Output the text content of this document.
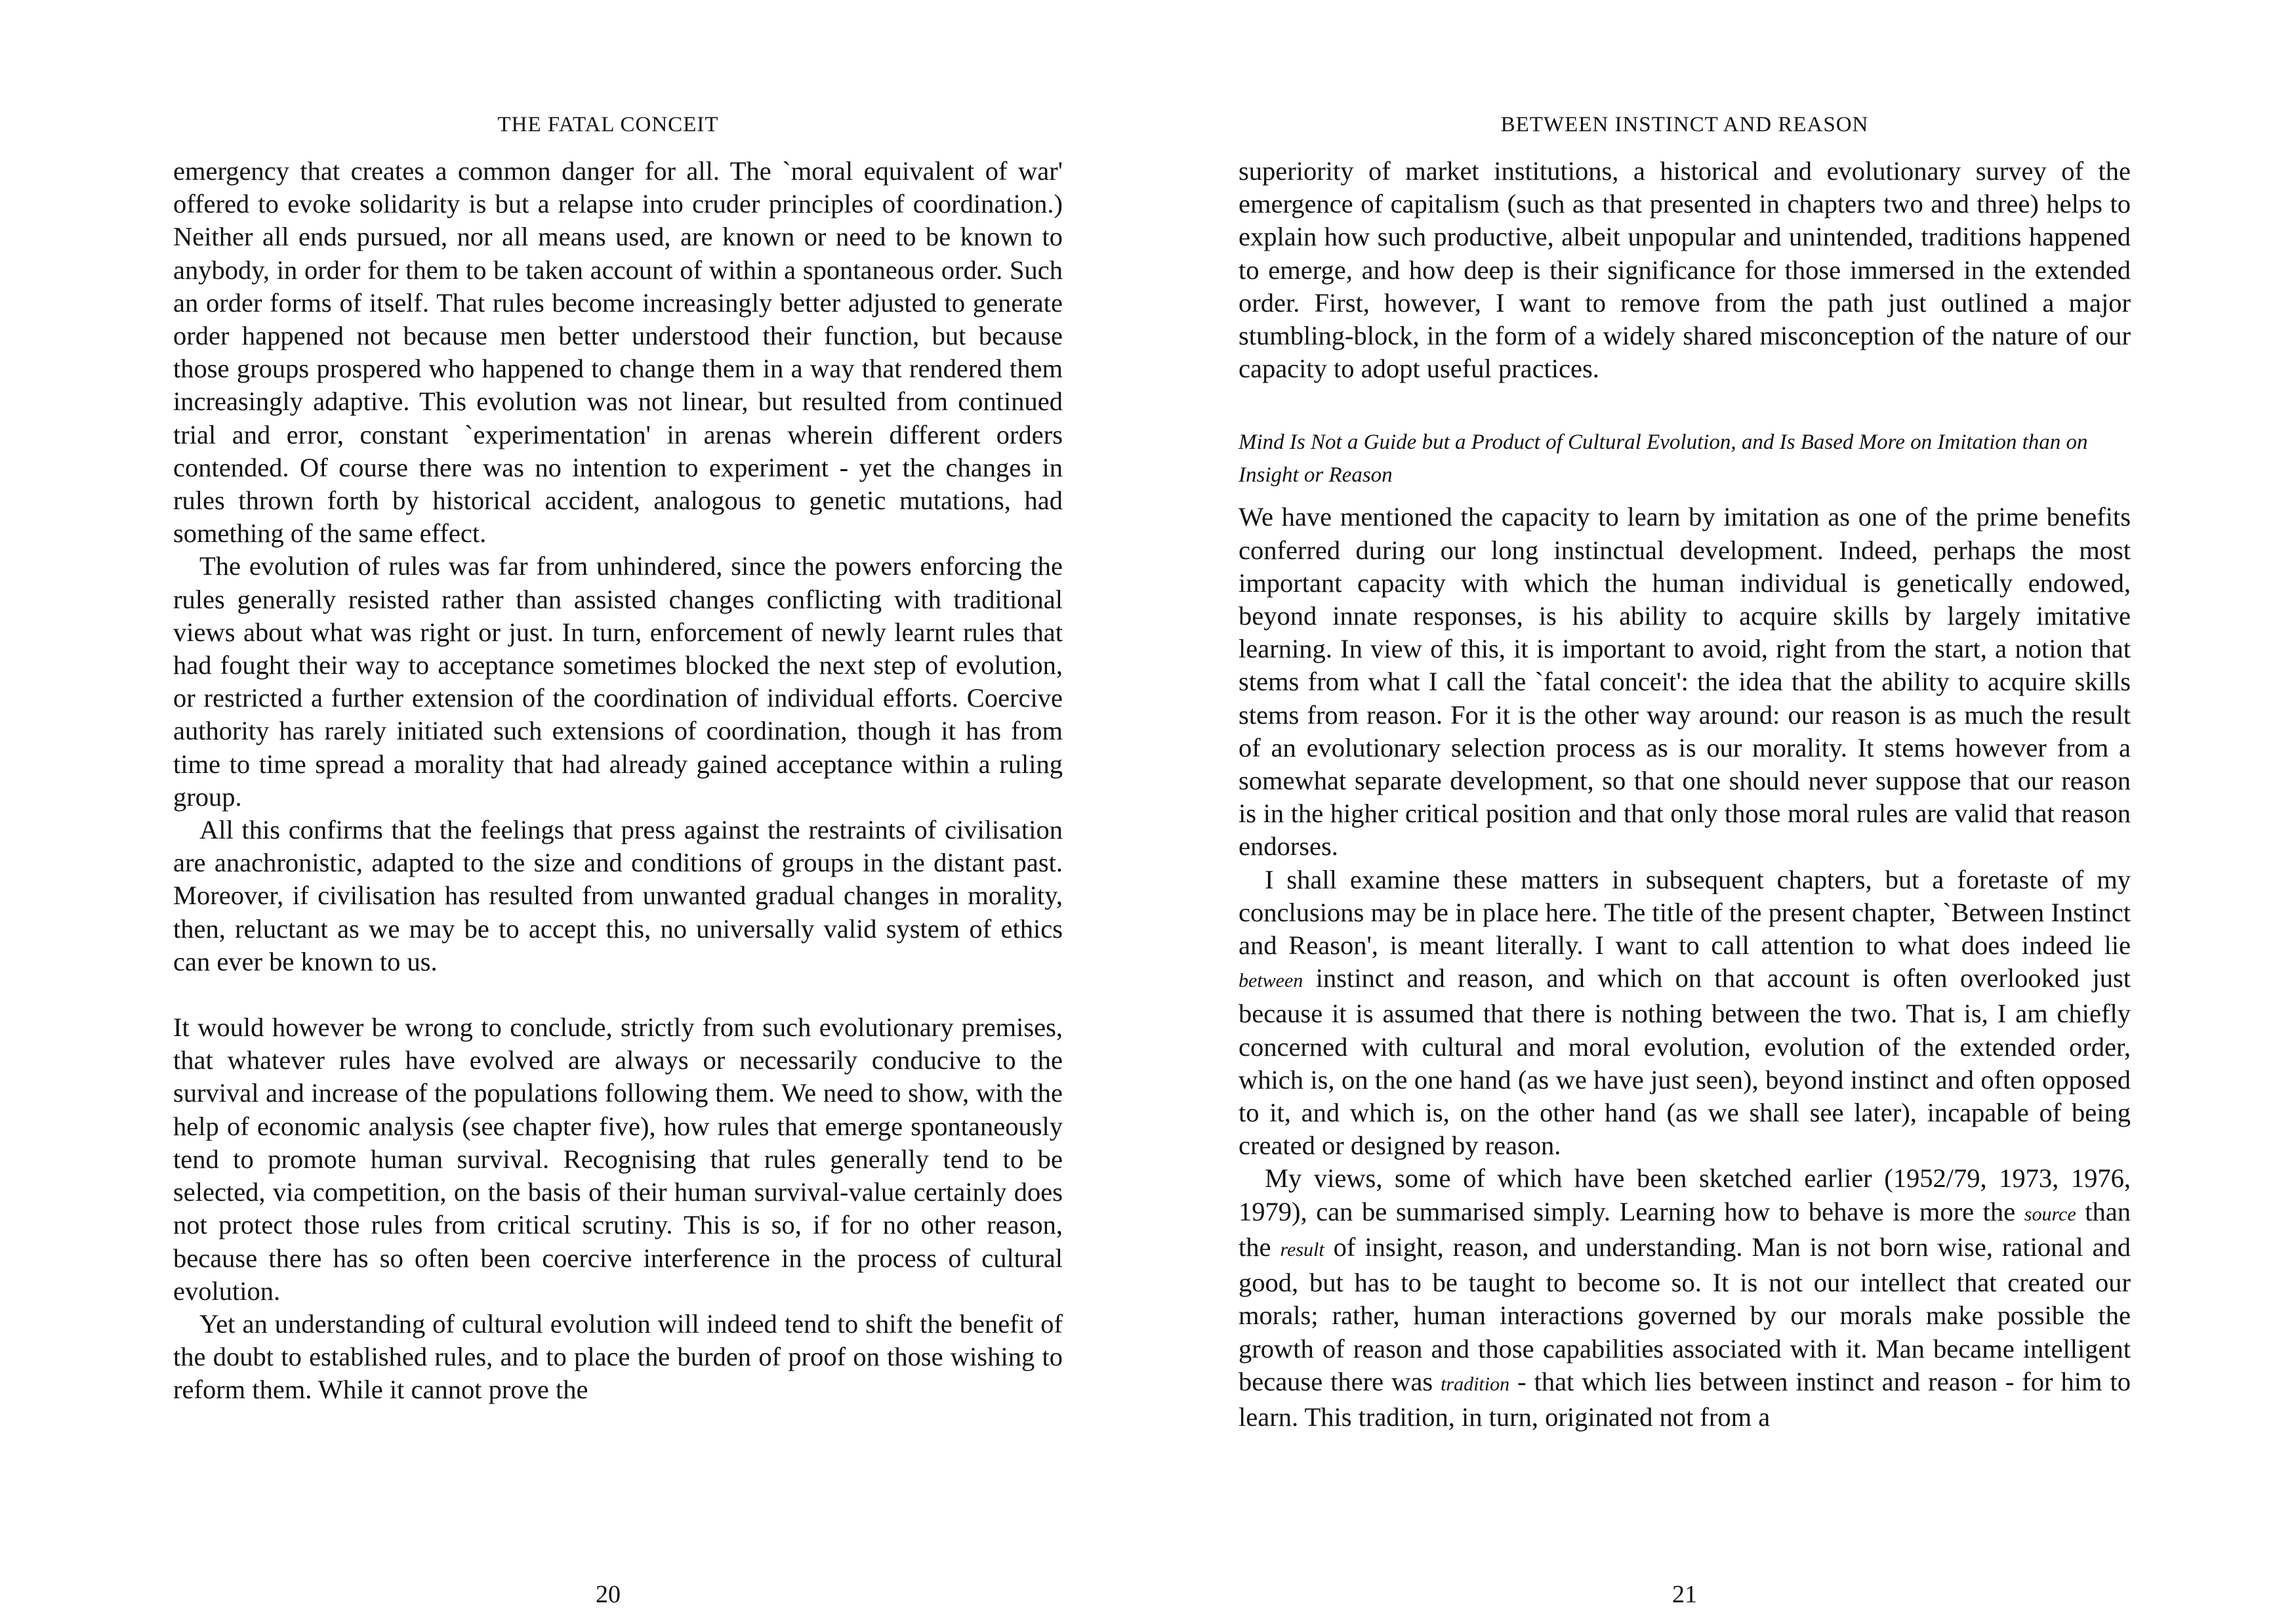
THE FATAL CONCEIT

emergency that creates a common danger for all. The `moral equivalent of war' offered to evoke solidarity is but a relapse into cruder principles of coordination.) Neither all ends pursued, nor all means used, are known or need to be known to anybody, in order for them to be taken account of within a spontaneous order. Such an order forms of itself. That rules become increasingly better adjusted to generate order happened not because men better understood their function, but because those groups prospered who happened to change them in a way that rendered them increasingly adaptive. This evolution was not linear, but resulted from continued trial and error, constant `experimentation' in arenas wherein different orders contended. Of course there was no intention to experiment - yet the changes in rules thrown forth by historical accident, analogous to genetic mutations, had something of the same effect.

The evolution of rules was far from unhindered, since the powers enforcing the rules generally resisted rather than assisted changes conflicting with traditional views about what was right or just. In turn, enforcement of newly learnt rules that had fought their way to acceptance sometimes blocked the next step of evolution, or restricted a further extension of the coordination of individual efforts. Coercive authority has rarely initiated such extensions of coordination, though it has from time to time spread a morality that had already gained acceptance within a ruling group.

All this confirms that the feelings that press against the restraints of civilisation are anachronistic, adapted to the size and conditions of groups in the distant past. Moreover, if civilisation has resulted from unwanted gradual changes in morality, then, reluctant as we may be to accept this, no universally valid system of ethics can ever be known to us.

It would however be wrong to conclude, strictly from such evolutionary premises, that whatever rules have evolved are always or necessarily conducive to the survival and increase of the populations following them. We need to show, with the help of economic analysis (see chapter five), how rules that emerge spontaneously tend to promote human survival. Recognising that rules generally tend to be selected, via competition, on the basis of their human survival-value certainly does not protect those rules from critical scrutiny. This is so, if for no other reason, because there has so often been coercive interference in the process of cultural evolution.

Yet an understanding of cultural evolution will indeed tend to shift the benefit of the doubt to established rules, and to place the burden of proof on those wishing to reform them. While it cannot prove the

20
BETWEEN INSTINCT AND REASON

superiority of market institutions, a historical and evolutionary survey of the emergence of capitalism (such as that presented in chapters two and three) helps to explain how such productive, albeit unpopular and unintended, traditions happened to emerge, and how deep is their significance for those immersed in the extended order. First, however, I want to remove from the path just outlined a major stumbling-block, in the form of a widely shared misconception of the nature of our capacity to adopt useful practices.

Mind Is Not a Guide but a Product of Cultural Evolution, and Is Based More on Imitation than on Insight or Reason

We have mentioned the capacity to learn by imitation as one of the prime benefits conferred during our long instinctual development. Indeed, perhaps the most important capacity with which the human individual is genetically endowed, beyond innate responses, is his ability to acquire skills by largely imitative learning. In view of this, it is important to avoid, right from the start, a notion that stems from what I call the `fatal conceit': the idea that the ability to acquire skills stems from reason. For it is the other way around: our reason is as much the result of an evolutionary selection process as is our morality. It stems however from a somewhat separate development, so that one should never suppose that our reason is in the higher critical position and that only those moral rules are valid that reason endorses.

I shall examine these matters in subsequent chapters, but a foretaste of my conclusions may be in place here. The title of the present chapter, `Between Instinct and Reason', is meant literally. I want to call attention to what does indeed lie between instinct and reason, and which on that account is often overlooked just because it is assumed that there is nothing between the two. That is, I am chiefly concerned with cultural and moral evolution, evolution of the extended order, which is, on the one hand (as we have just seen), beyond instinct and often opposed to it, and which is, on the other hand (as we shall see later), incapable of being created or designed by reason.

My views, some of which have been sketched earlier (1952/79, 1973, 1976, 1979), can be summarised simply. Learning how to behave is more the source than the result of insight, reason, and understanding. Man is not born wise, rational and good, but has to be taught to become so. It is not our intellect that created our morals; rather, human interactions governed by our morals make possible the growth of reason and those capabilities associated with it. Man became intelligent because there was tradition - that which lies between instinct and reason - for him to learn. This tradition, in turn, originated not from a

21
